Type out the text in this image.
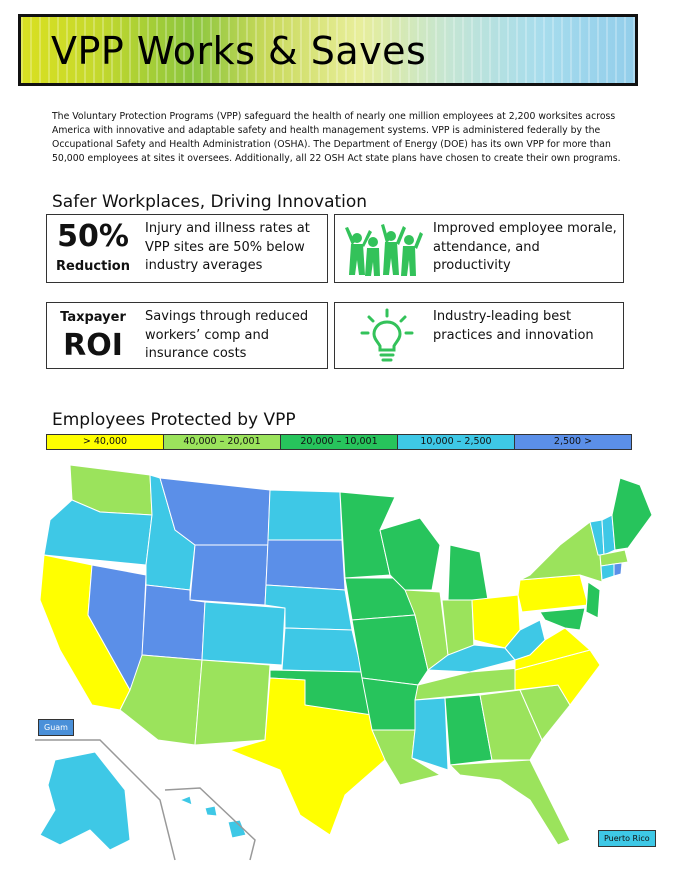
VPP Works & Saves

The Voluntary Protection Programs (VPP) safeguard the health of nearly one million employees at 2,200 worksites across America with innovative and adaptable safety and health management systems. VPP is administered federally by the Occupational Safety and Health Administration (OSHA). The Department of Energy (DOE) has its own VPP for more than 50,000 employees at sites it oversees. Additionally, all 22 OSH Act state plans have chosen to create their own programs.

Safer Workplaces, Driving Innovation
50%
Reduction
Injury and illness rates at VPP sites are 50% below industry averages
Improved employee morale, attendance, and productivity
Taxpayer
ROI
Savings through reduced workers’ comp and insurance costs
Industry-leading best practices and innovation
Employees Protected by VPP
> 40,000	40,000 – 20,001	20,000 – 10,001	10,000 – 2,500	2,500 >
Guam
Puerto Rico
